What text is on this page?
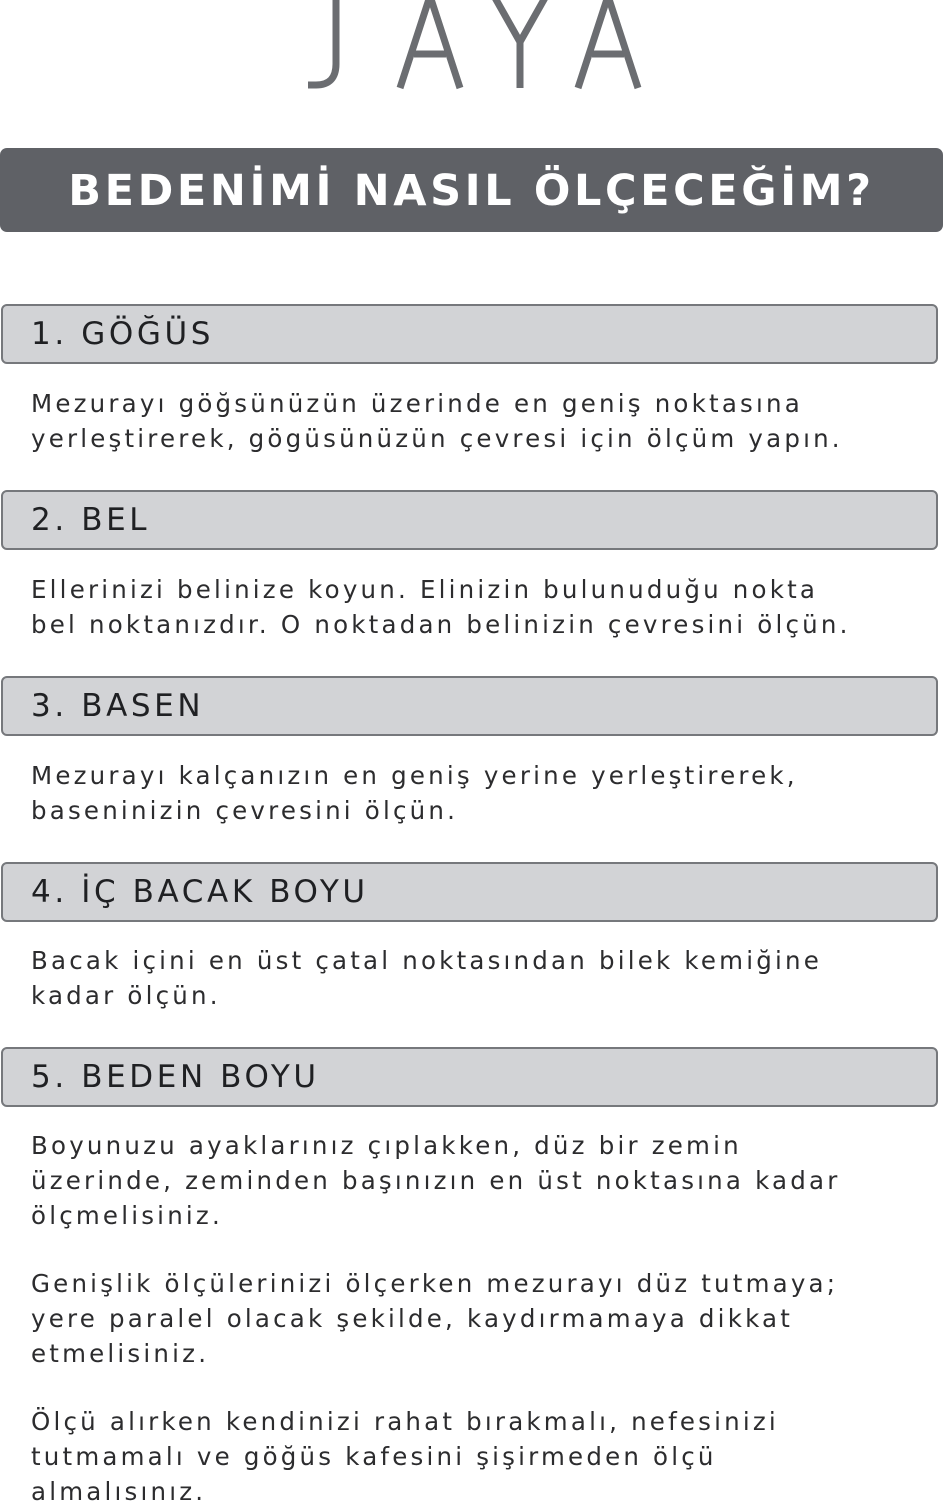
BEDENİMİ NASIL ÖLÇECEĞİM?
1. GÖĞÜS

Mezurayı göğsünüzün üzerinde en geniş noktasına
yerleştirerek, gögüsünüzün çevresi için ölçüm yapın.

2. BEL

Ellerinizi belinize koyun. Elinizin bulunuduğu nokta
bel noktanızdır. O noktadan belinizin çevresini ölçün.

3. BASEN

Mezurayı kalçanızın en geniş yerine yerleştirerek,
baseninizin çevresini ölçün.

4. İÇ BACAK BOYU

Bacak içini en üst çatal noktasından bilek kemiğine
kadar ölçün.

5. BEDEN BOYU

Boyunuzu ayaklarınız çıplakken, düz bir zemin
üzerinde, zeminden başınızın en üst noktasına kadar
ölçmelisiniz.

Genişlik ölçülerinizi ölçerken mezurayı düz tutmaya;
yere paralel olacak şekilde, kaydırmamaya dikkat
etmelisiniz.

Ölçü alırken kendinizi rahat bırakmalı, nefesinizi
tutmamalı ve göğüs kafesini şişirmeden ölçü
almalısınız.
